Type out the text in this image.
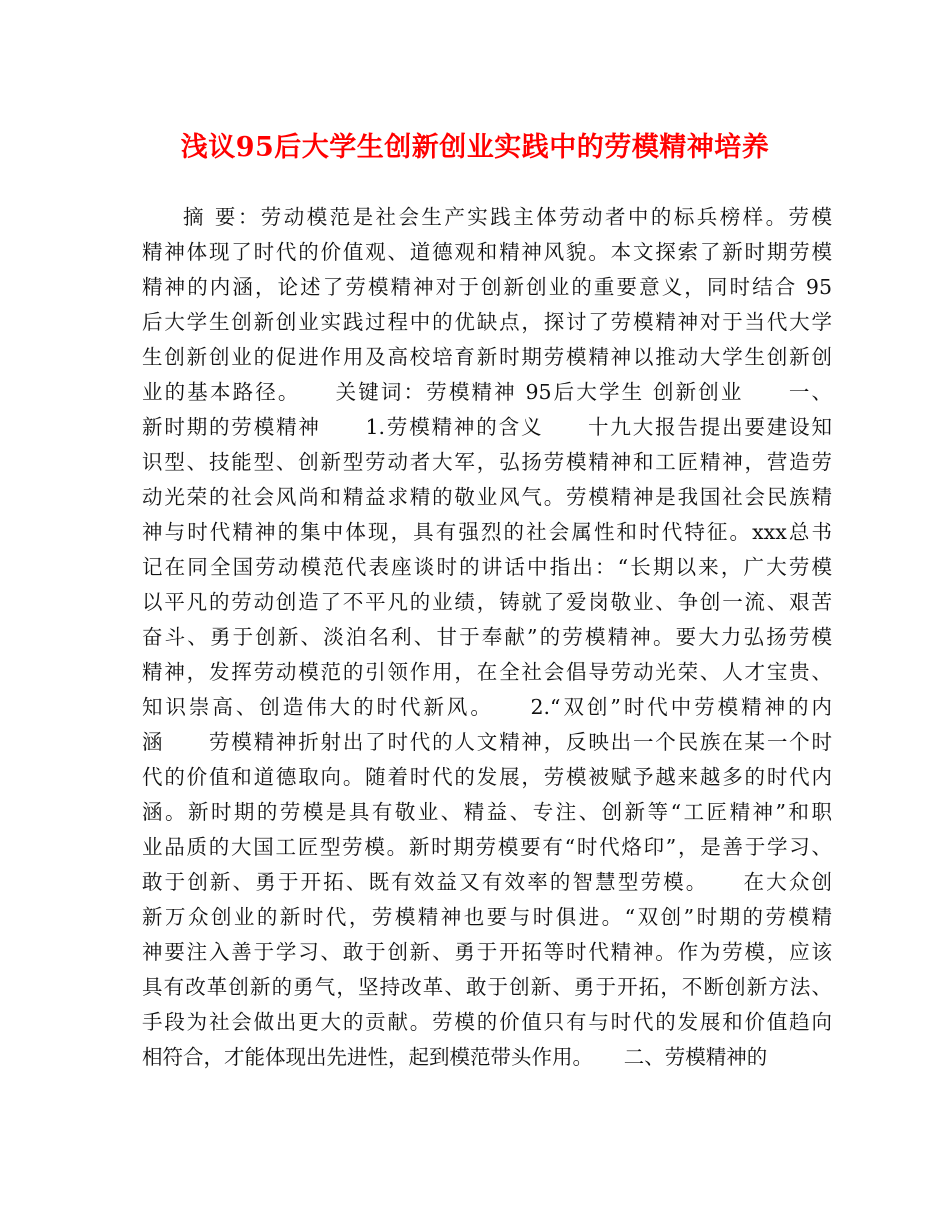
浅议95后大学生创新创业实践中的劳模精神培养
摘 要：劳动模范是社会生产实践主体劳动者中的标兵榜样。劳模
精神体现了时代的价值观、道德观和精神风貌。本文探索了新时期劳模
精神的内涵，论述了劳模精神对于创新创业的重要意义，同时结合 95
后大学生创新创业实践过程中的优缺点，探讨了劳模精神对于当代大学
生创新创业的促进作用及高校培育新时期劳模精神以推动大学生创新创
业的基本路径。　　关键词：劳模精神 95后大学生 创新创业　　一、
新时期的劳模精神　　1.劳模精神的含义　　十九大报告提出要建设知
识型、技能型、创新型劳动者大军，弘扬劳模精神和工匠精神，营造劳
动光荣的社会风尚和精益求精的敬业风气。劳模精神是我国社会民族精
神与时代精神的集中体现，具有强烈的社会属性和时代特征。xxx总书
记在同全国劳动模范代表座谈时的讲话中指出：“长期以来，广大劳模
以平凡的劳动创造了不平凡的业绩，铸就了爱岗敬业、争创一流、艰苦
奋斗、勇于创新、淡泊名利、甘于奉献”的劳模精神。要大力弘扬劳模
精神，发挥劳动模范的引领作用，在全社会倡导劳动光荣、人才宝贵、
知识崇高、创造伟大的时代新风。　　2.“双创”时代中劳模精神的内
涵　　劳模精神折射出了时代的人文精神，反映出一个民族在某一个时
代的价值和道德取向。随着时代的发展，劳模被赋予越来越多的时代内
涵。新时期的劳模是具有敬业、精益、专注、创新等“工匠精神”和职
业品质的大国工匠型劳模。新时期劳模要有“时代烙印”，是善于学习、
敢于创新、勇于开拓、既有效益又有效率的智慧型劳模。　　在大众创
新万众创业的新时代，劳模精神也要与时俱进。“双创”时期的劳模精
神要注入善于学习、敢于创新、勇于开拓等时代精神。作为劳模，应该
具有改革创新的勇气，坚持改革、敢于创新、勇于开拓，不断创新方法、
手段为社会做出更大的贡献。劳模的价值只有与时代的发展和价值趋向
相符合，才能体现出先进性，起到模范带头作用。　　二、劳模精神的
